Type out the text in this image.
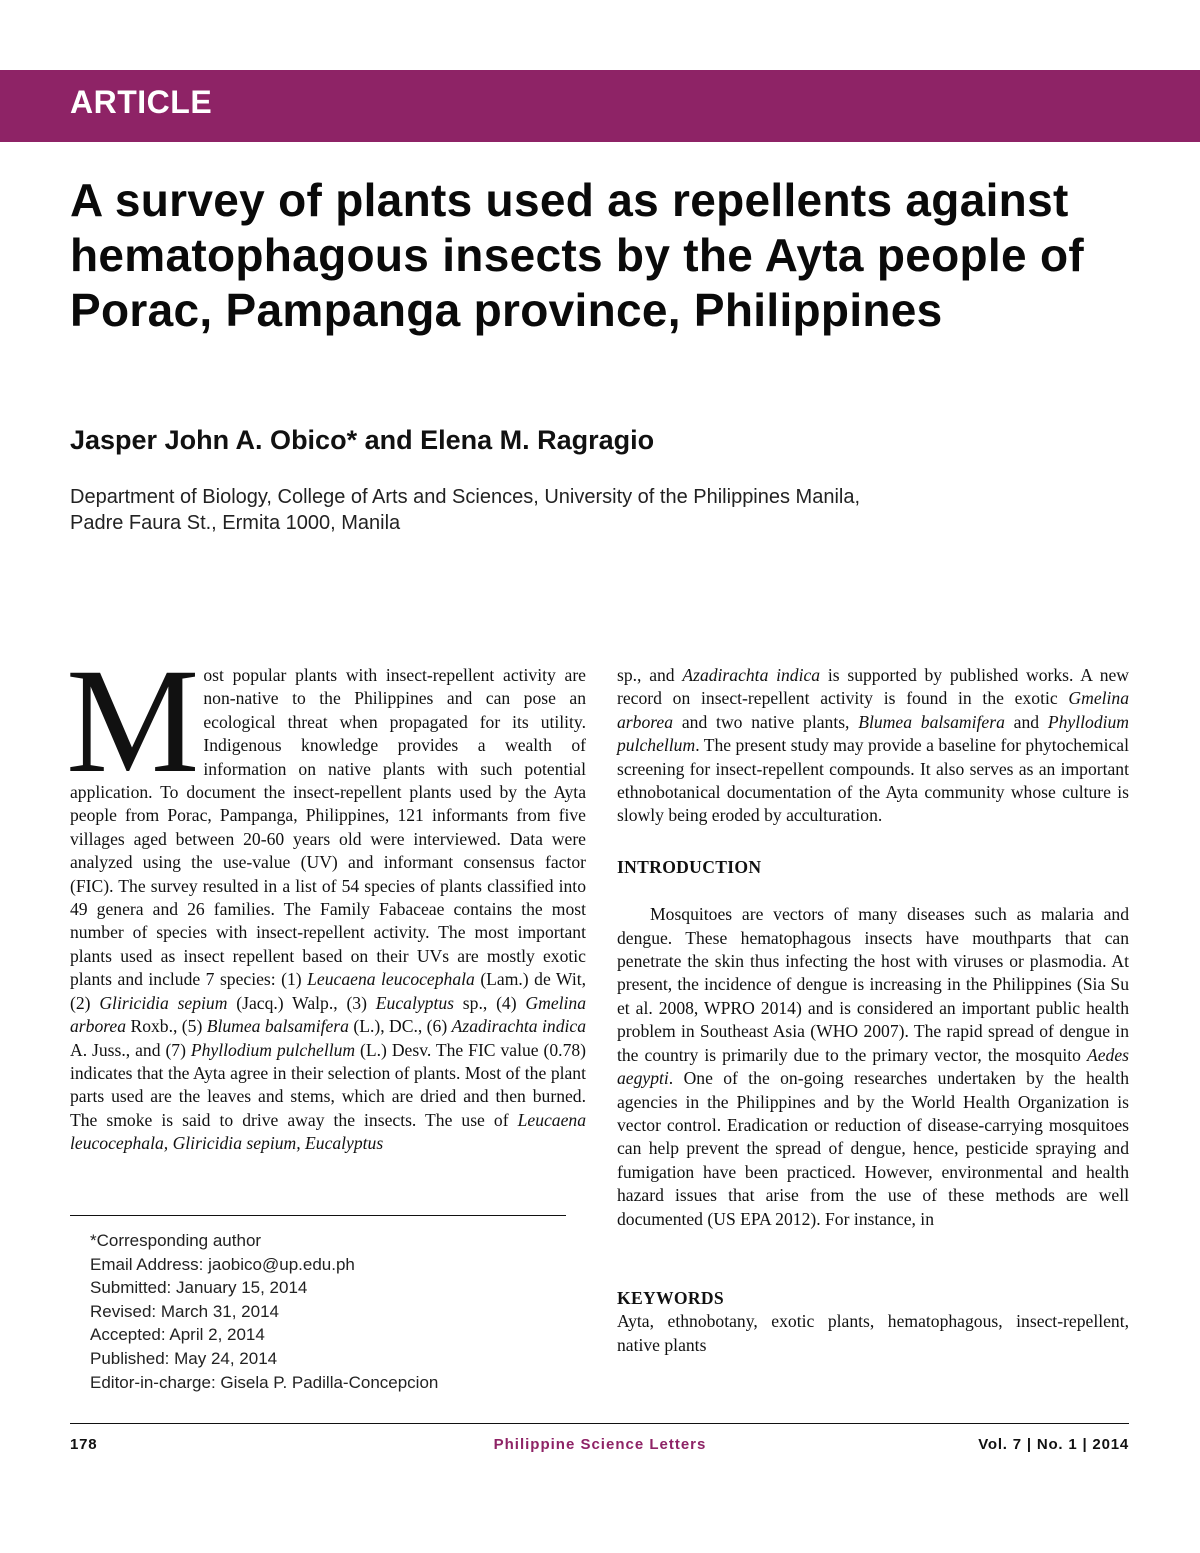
ARTICLE
A survey of plants used as repellents against hematophagous insects by the Ayta people of Porac, Pampanga province, Philippines
Jasper John A. Obico* and Elena M. Ragragio
Department of Biology, College of Arts and Sciences, University of the Philippines Manila,
Padre Faura St., Ermita 1000, Manila

Most popular plants with insect-repellent activity are non-native to the Philippines and can pose an ecological threat when propagated for its utility. Indigenous knowledge provides a wealth of information on native plants with such potential application. To document the insect-repellent plants used by the Ayta people from Porac, Pampanga, Philippines, 121 informants from five villages aged between 20-60 years old were interviewed. Data were analyzed using the use-value (UV) and informant consensus factor (FIC). The survey resulted in a list of 54 species of plants classified into 49 genera and 26 families. The Family Fabaceae contains the most number of species with insect-repellent activity. The most important plants used as insect repellent based on their UVs are mostly exotic plants and include 7 species: (1) Leucaena leucocephala (Lam.) de Wit, (2) Gliricidia sepium (Jacq.) Walp., (3) Eucalyptus sp., (4) Gmelina arborea Roxb., (5) Blumea balsamifera (L.), DC., (6) Azadirachta indica A. Juss., and (7) Phyllodium pulchellum (L.) Desv. The FIC value (0.78) indicates that the Ayta agree in their selection of plants. Most of the plant parts used are the leaves and stems, which are dried and then burned. The smoke is said to drive away the insects. The use of Leucaena leucocephala, Gliricidia sepium, Eucalyptus

sp., and Azadirachta indica is supported by published works. A new record on insect-repellent activity is found in the exotic Gmelina arborea and two native plants, Blumea balsamifera and Phyllodium pulchellum. The present study may provide a baseline for phytochemical screening for insect-repellent compounds. It also serves as an important ethnobotanical documentation of the Ayta community whose culture is slowly being eroded by acculturation.

INTRODUCTION

Mosquitoes are vectors of many diseases such as malaria and dengue. These hematophagous insects have mouthparts that can penetrate the skin thus infecting the host with viruses or plasmodia. At present, the incidence of dengue is increasing in the Philippines (Sia Su et al. 2008, WPRO 2014) and is considered an important public health problem in Southeast Asia (WHO 2007). The rapid spread of dengue in the country is primarily due to the primary vector, the mosquito Aedes aegypti. One of the on-going researches undertaken by the health agencies in the Philippines and by the World Health Organization is vector control. Eradication or reduction of disease-carrying mosquitoes can help prevent the spread of dengue, hence, pesticide spraying and fumigation have been practiced. However, environmental and health hazard issues that arise from the use of these methods are well documented (US EPA 2012). For instance, in

KEYWORDS

Ayta, ethnobotany, exotic plants, hematophagous, insect-repellent, native plants

*Corresponding author
Email Address: jaobico@up.edu.ph
Submitted: January 15, 2014
Revised: March 31, 2014
Accepted: April 2, 2014
Published: May 24, 2014
Editor-in-charge: Gisela P. Padilla-Concepcion
Philippine Science Letters
178	Vol. 7 | No. 1 | 2014
